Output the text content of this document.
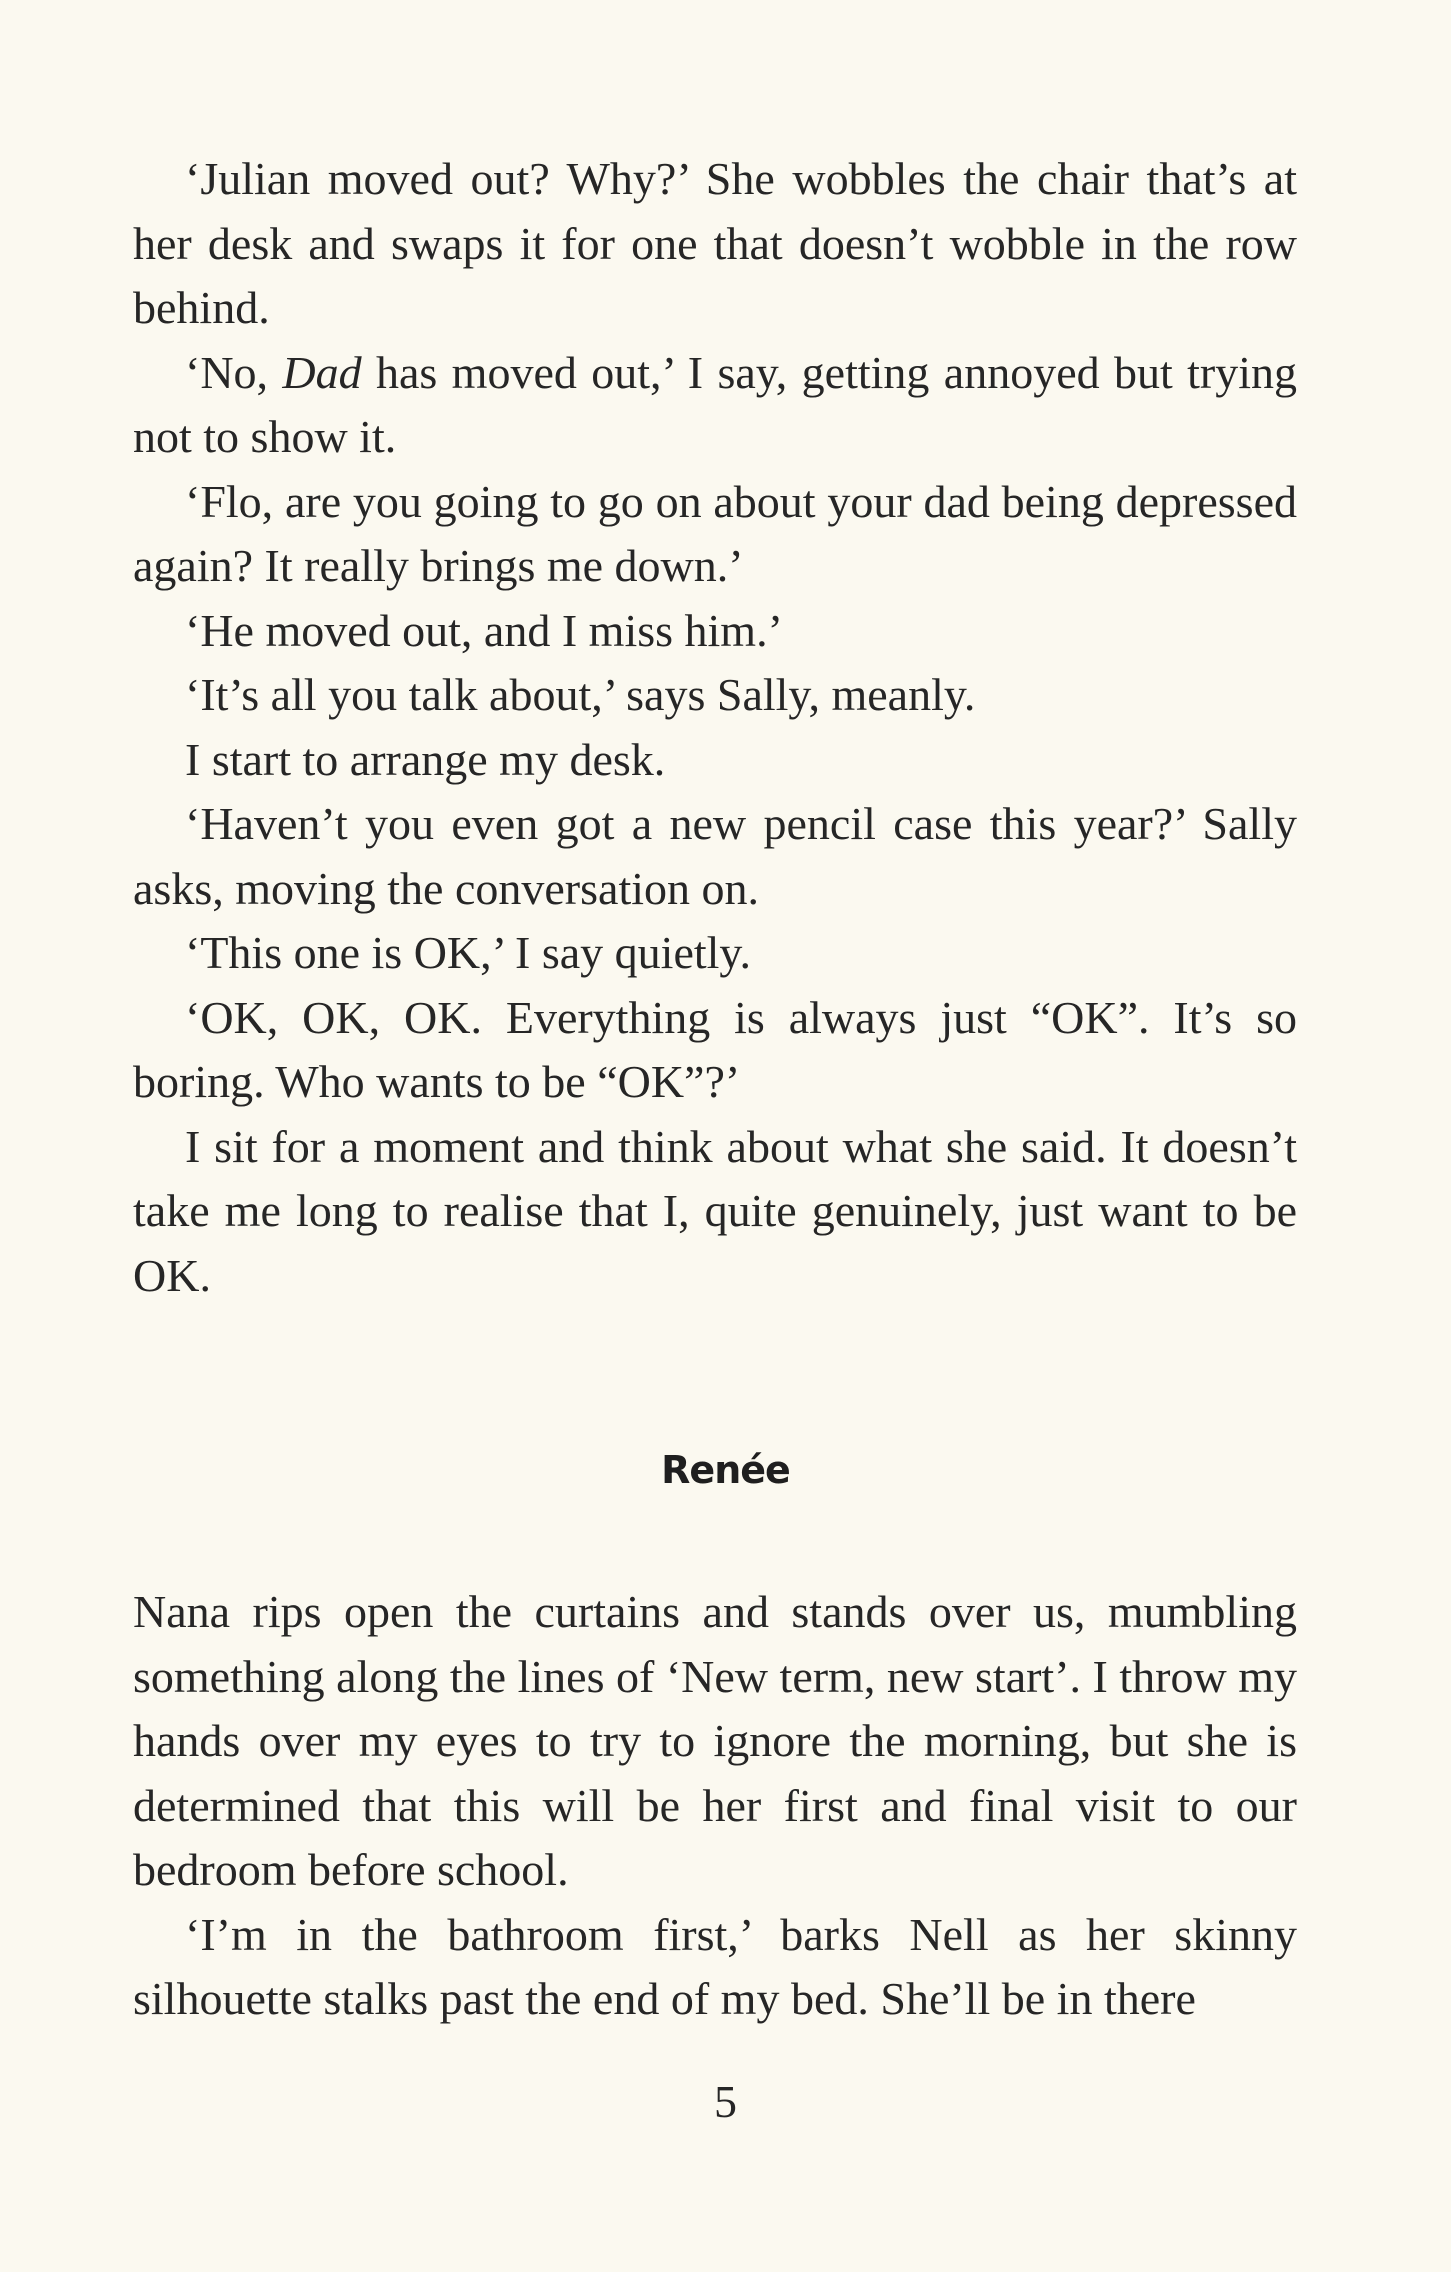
‘Julian moved out? Why?’ She wobbles the chair that’s at her desk and swaps it for one that doesn’t wobble in the row behind.

‘No, Dad has moved out,’ I say, getting annoyed but trying not to show it.

‘Flo, are you going to go on about your dad being depressed again? It really brings me down.’

‘He moved out, and I miss him.’

‘It’s all you talk about,’ says Sally, meanly.

I start to arrange my desk.

‘Haven’t you even got a new pencil case this year?’ Sally asks, moving the conversation on.

‘This one is OK,’ I say quietly.

‘OK, OK, OK. Everything is always just “OK”. It’s so boring. Who wants to be “OK”?’

I sit for a moment and think about what she said. It doesn’t take me long to realise that I, quite genuinely, just want to be OK.

Renée

Nana rips open the curtains and stands over us, mumbling something along the lines of ‘New term, new start’. I throw my hands over my eyes to try to ignore the morning, but she is determined that this will be her first and final visit to our bedroom before school.

‘I’m in the bathroom first,’ barks Nell as her skinny silhouette stalks past the end of my bed. She’ll be in there

5
